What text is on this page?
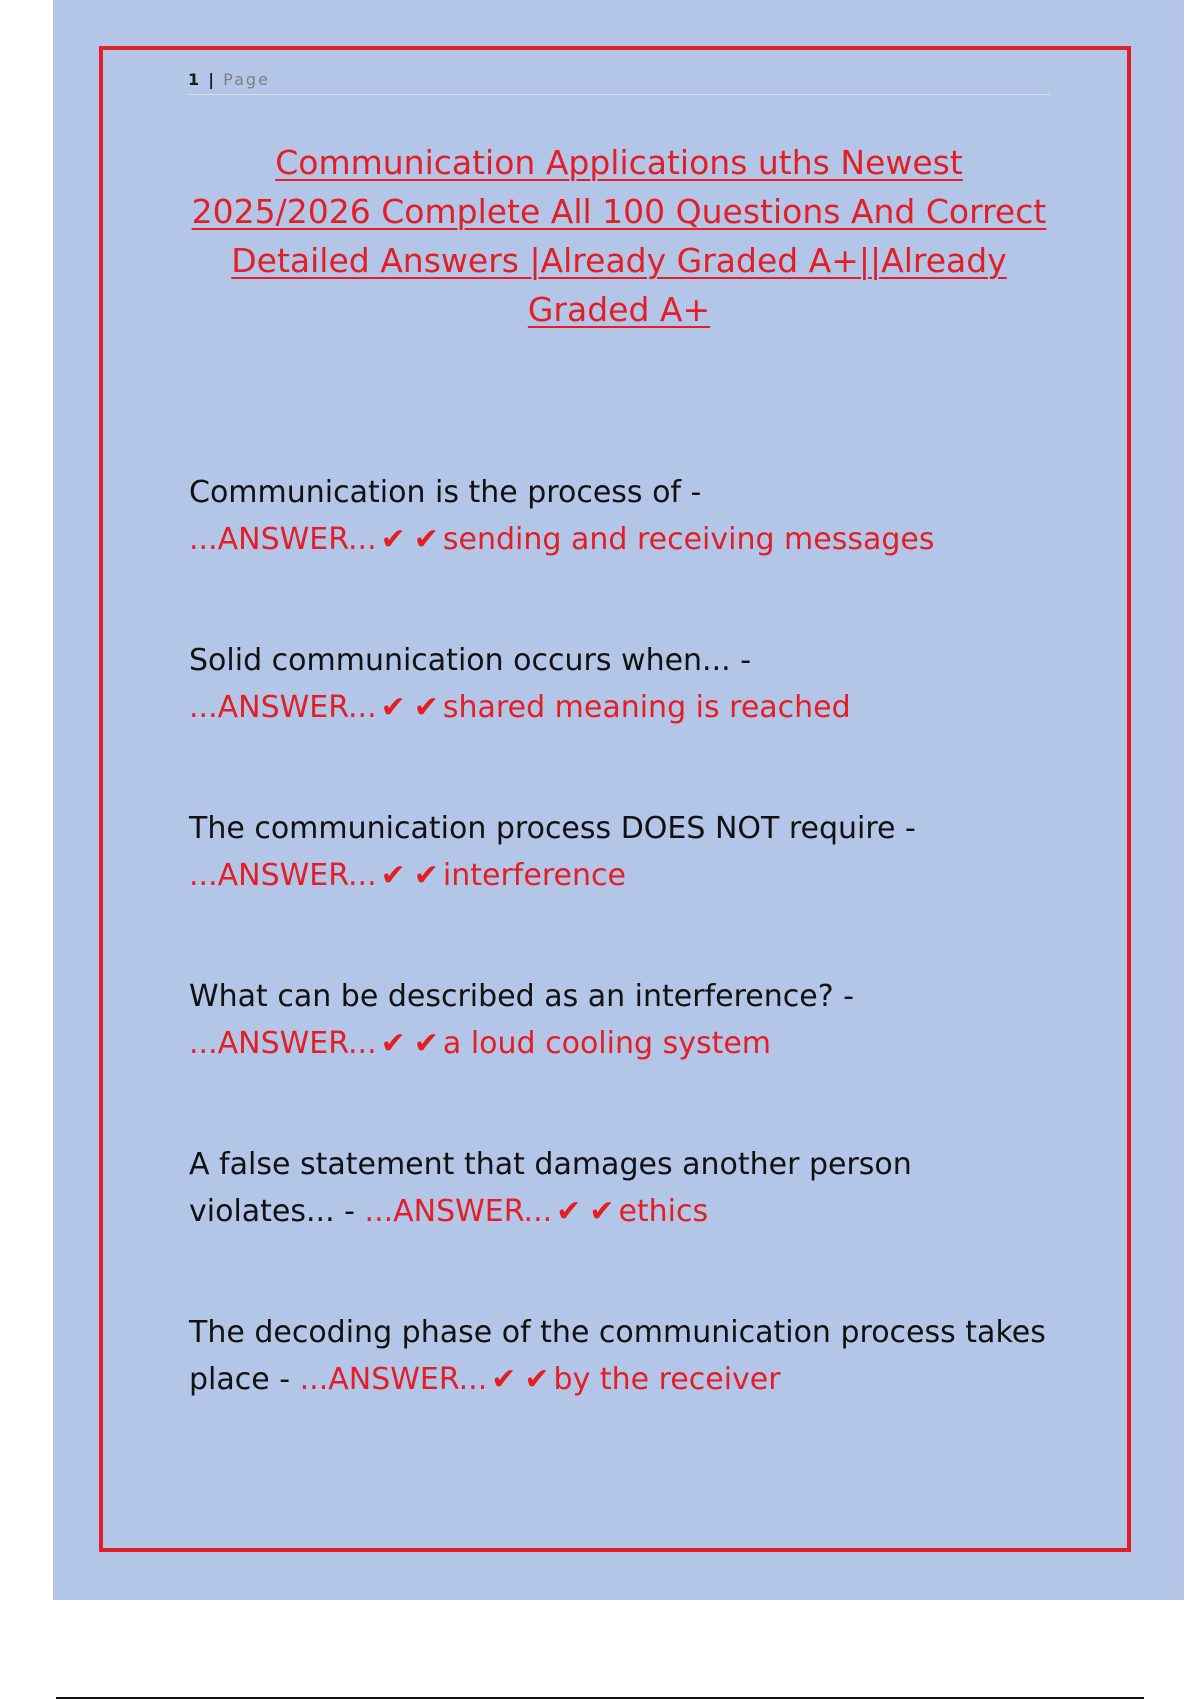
1 | Page
Communication Applications uths Newest 2025/2026 Complete All 100 Questions And Correct Detailed Answers |Already Graded A+||Already Graded A+
Communication is the process of -
...ANSWER... ✔ ✔ sending and receiving messages
Solid communication occurs when... -
...ANSWER... ✔ ✔ shared meaning is reached
The communication process DOES NOT require -
...ANSWER... ✔ ✔ interference
What can be described as an interference? -
...ANSWER... ✔ ✔ a loud cooling system
A false statement that damages another person violates... - ...ANSWER... ✔ ✔ ethics
The decoding phase of the communication process takes place - ...ANSWER... ✔ ✔ by the receiver
